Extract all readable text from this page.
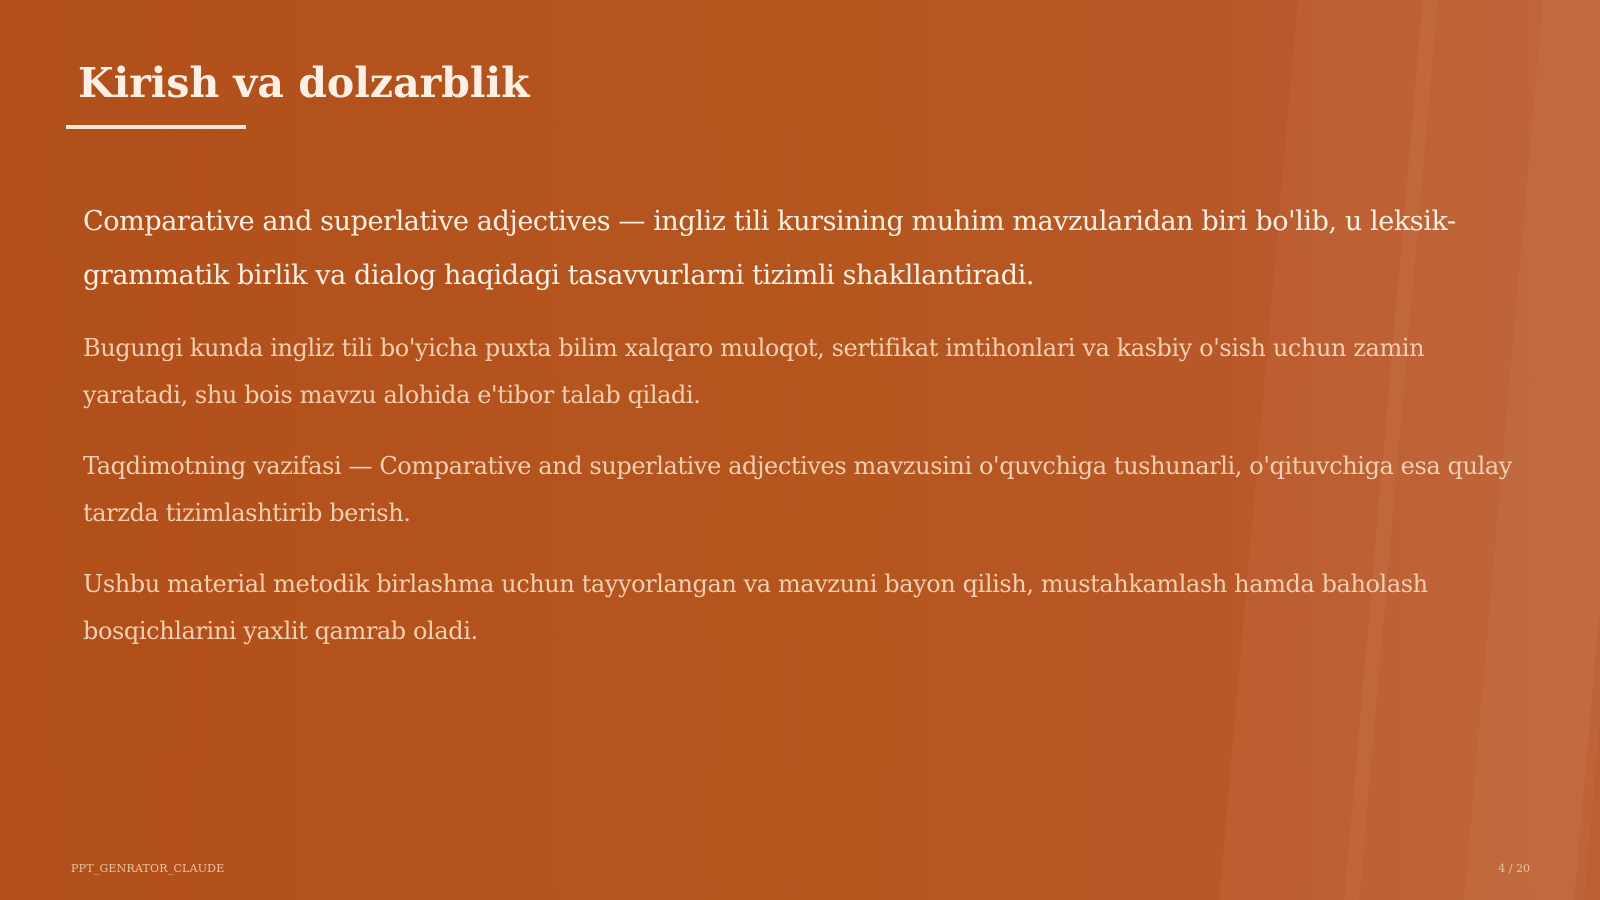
Kirish va dolzarblik

Comparative and superlative adjectives — ingliz tili kursining muhim mavzularidan biri bo'lib, u leksik-grammatik birlik va dialog haqidagi tasavvurlarni tizimli shakllantiradi.

Bugungi kunda ingliz tili bo'yicha puxta bilim xalqaro muloqot, sertifikat imtihonlari va kasbiy o'sish uchun zamin yaratadi, shu bois mavzu alohida e'tibor talab qiladi.

Taqdimotning vazifasi — Comparative and superlative adjectives mavzusini o'quvchiga tushunarli, o'qituvchiga esa qulay tarzda tizimlashtirib berish.

Ushbu material metodik birlashma uchun tayyorlangan va mavzuni bayon qilish, mustahkamlash hamda baholash bosqichlarini yaxlit qamrab oladi.

PPT_GENRATOR_CLAUDE	4 / 20
